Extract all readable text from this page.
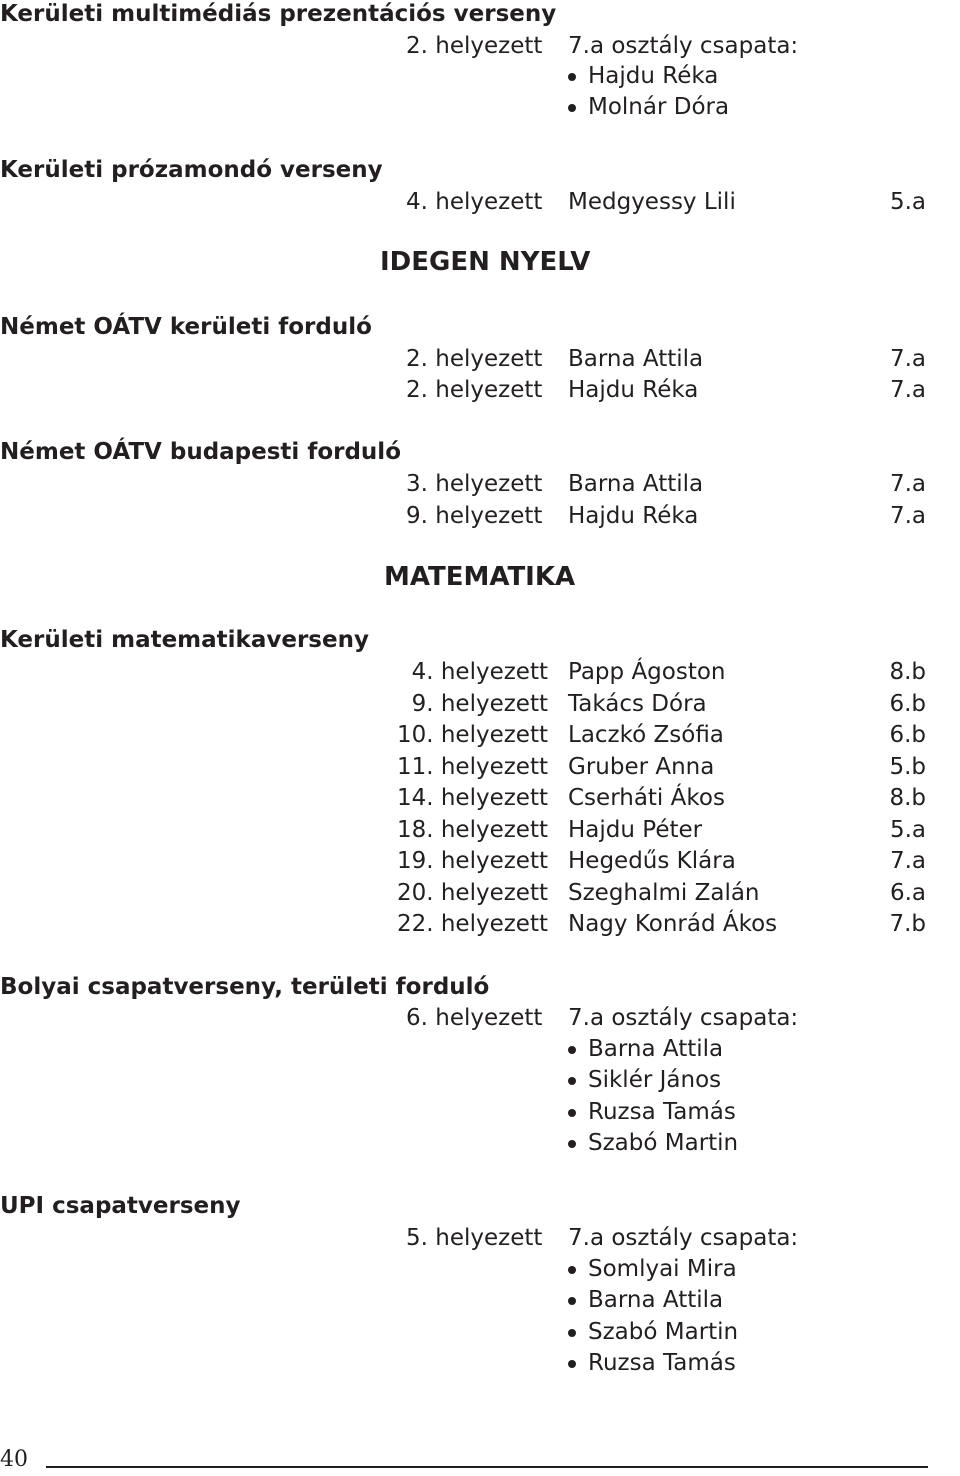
Kerületi multimédiás prezentációs verseny
2. helyezett 7.a osztály csapata:
Hajdu Réka
Molnár Dóra
Kerületi prózamondó verseny
4. helyezett Medgyessy Lili	5.a
IDEGEN NYELV
Német OÁTV kerületi forduló
2. helyezett Barna Attila	7.a
2. helyezett Hajdu Réka	7.a
Német OÁTV budapesti forduló
3. helyezett Barna Attila	7.a
9. helyezett Hajdu Réka	7.a
MATEMATIKA
Kerületi matematikaverseny
4. helyezett Papp Ágoston	8.b
9. helyezett Takács Dóra	6.b
10. helyezett Laczkó Zsófia	6.b
11. helyezett Gruber Anna	5.b
14. helyezett Cserháti Ákos	8.b
18. helyezett Hajdu Péter	5.a
19. helyezett Hegedűs Klára	7.a
20. helyezett Szeghalmi Zalán	6.a
22. helyezett Nagy Konrád Ákos	7.b
Bolyai csapatverseny, területi forduló
6. helyezett 7.a osztály csapata:
Barna Attila
Siklér János
Ruzsa Tamás
Szabó Martin
UPI csapatverseny
5. helyezett 7.a osztály csapata:
Somlyai Mira
Barna Attila
Szabó Martin
Ruzsa Tamás
40
